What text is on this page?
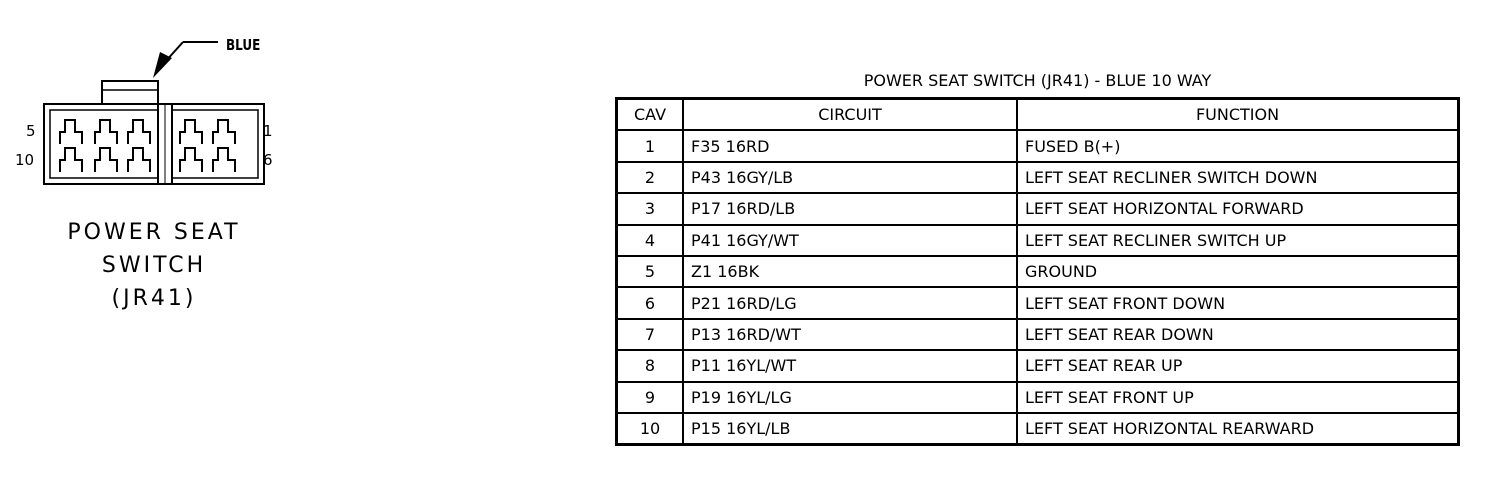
5
10
1
6
BLUE
POWER SEAT
SWITCH
(JR41)
POWER SEAT SWITCH (JR41) - BLUE 10 WAY
CAV	CIRCUIT	FUNCTION
1	F35 16RD	FUSED B(+)
2	P43 16GY/LB	LEFT SEAT RECLINER SWITCH DOWN
3	P17 16RD/LB	LEFT SEAT HORIZONTAL FORWARD
4	P41 16GY/WT	LEFT SEAT RECLINER SWITCH UP
5	Z1 16BK	GROUND
6	P21 16RD/LG	LEFT SEAT FRONT DOWN
7	P13 16RD/WT	LEFT SEAT REAR DOWN
8	P11 16YL/WT	LEFT SEAT REAR UP
9	P19 16YL/LG	LEFT SEAT FRONT UP
10	P15 16YL/LB	LEFT SEAT HORIZONTAL REARWARD
